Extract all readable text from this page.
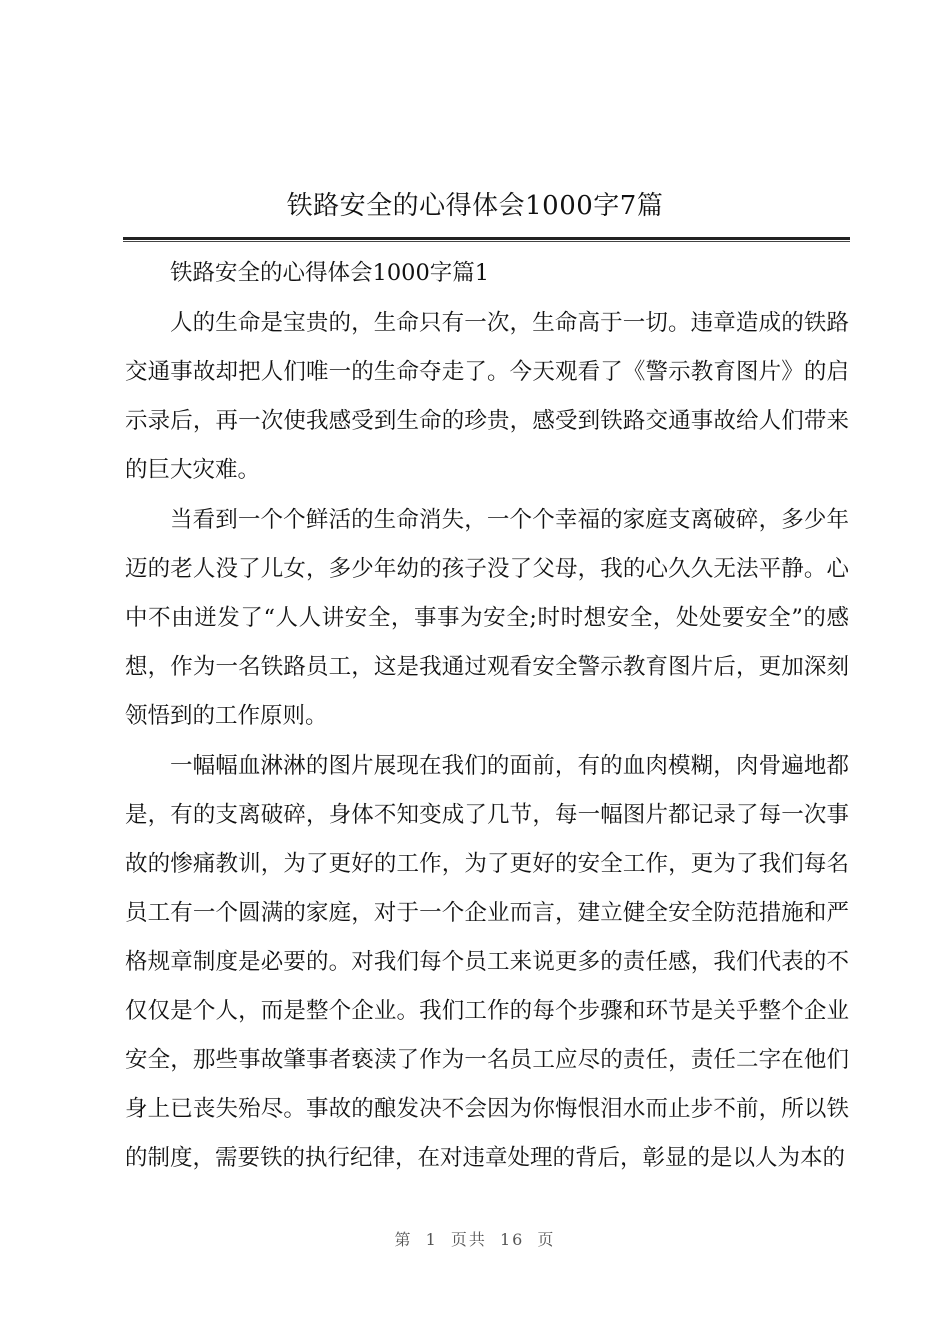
铁路安全的心得体会1000字7篇

铁路安全的心得体会1000字篇1

人的生命是宝贵的，生命只有一次，生命高于一切。违章造成的铁路交通事故却把人们唯一的生命夺走了。今天观看了《警示教育图片》的启示录后，再一次使我感受到生命的珍贵，感受到铁路交通事故给人们带来的巨大灾难。

当看到一个个鲜活的生命消失，一个个幸福的家庭支离破碎，多少年迈的老人没了儿女，多少年幼的孩子没了父母，我的心久久无法平静。心中不由迸发了“人人讲安全，事事为安全;时时想安全，处处要安全”的感想，作为一名铁路员工，这是我通过观看安全警示教育图片后，更加深刻领悟到的工作原则。

一幅幅血淋淋的图片展现在我们的面前，有的血肉模糊，肉骨遍地都是，有的支离破碎，身体不知变成了几节，每一幅图片都记录了每一次事故的惨痛教训，为了更好的工作，为了更好的安全工作，更为了我们每名员工有一个圆满的家庭，对于一个企业而言，建立健全安全防范措施和严格规章制度是必要的。对我们每个员工来说更多的责任感，我们代表的不仅仅是个人，而是整个企业。我们工作的每个步骤和环节是关乎整个企业安全，那些事故肇事者亵渎了作为一名员工应尽的责任，责任二字在他们身上已丧失殆尽。事故的酿发决不会因为你悔恨泪水而止步不前，所以铁的制度，需要铁的执行纪律，在对违章处理的背后，彰显的是以人为本的

第 1 页共 16 页
